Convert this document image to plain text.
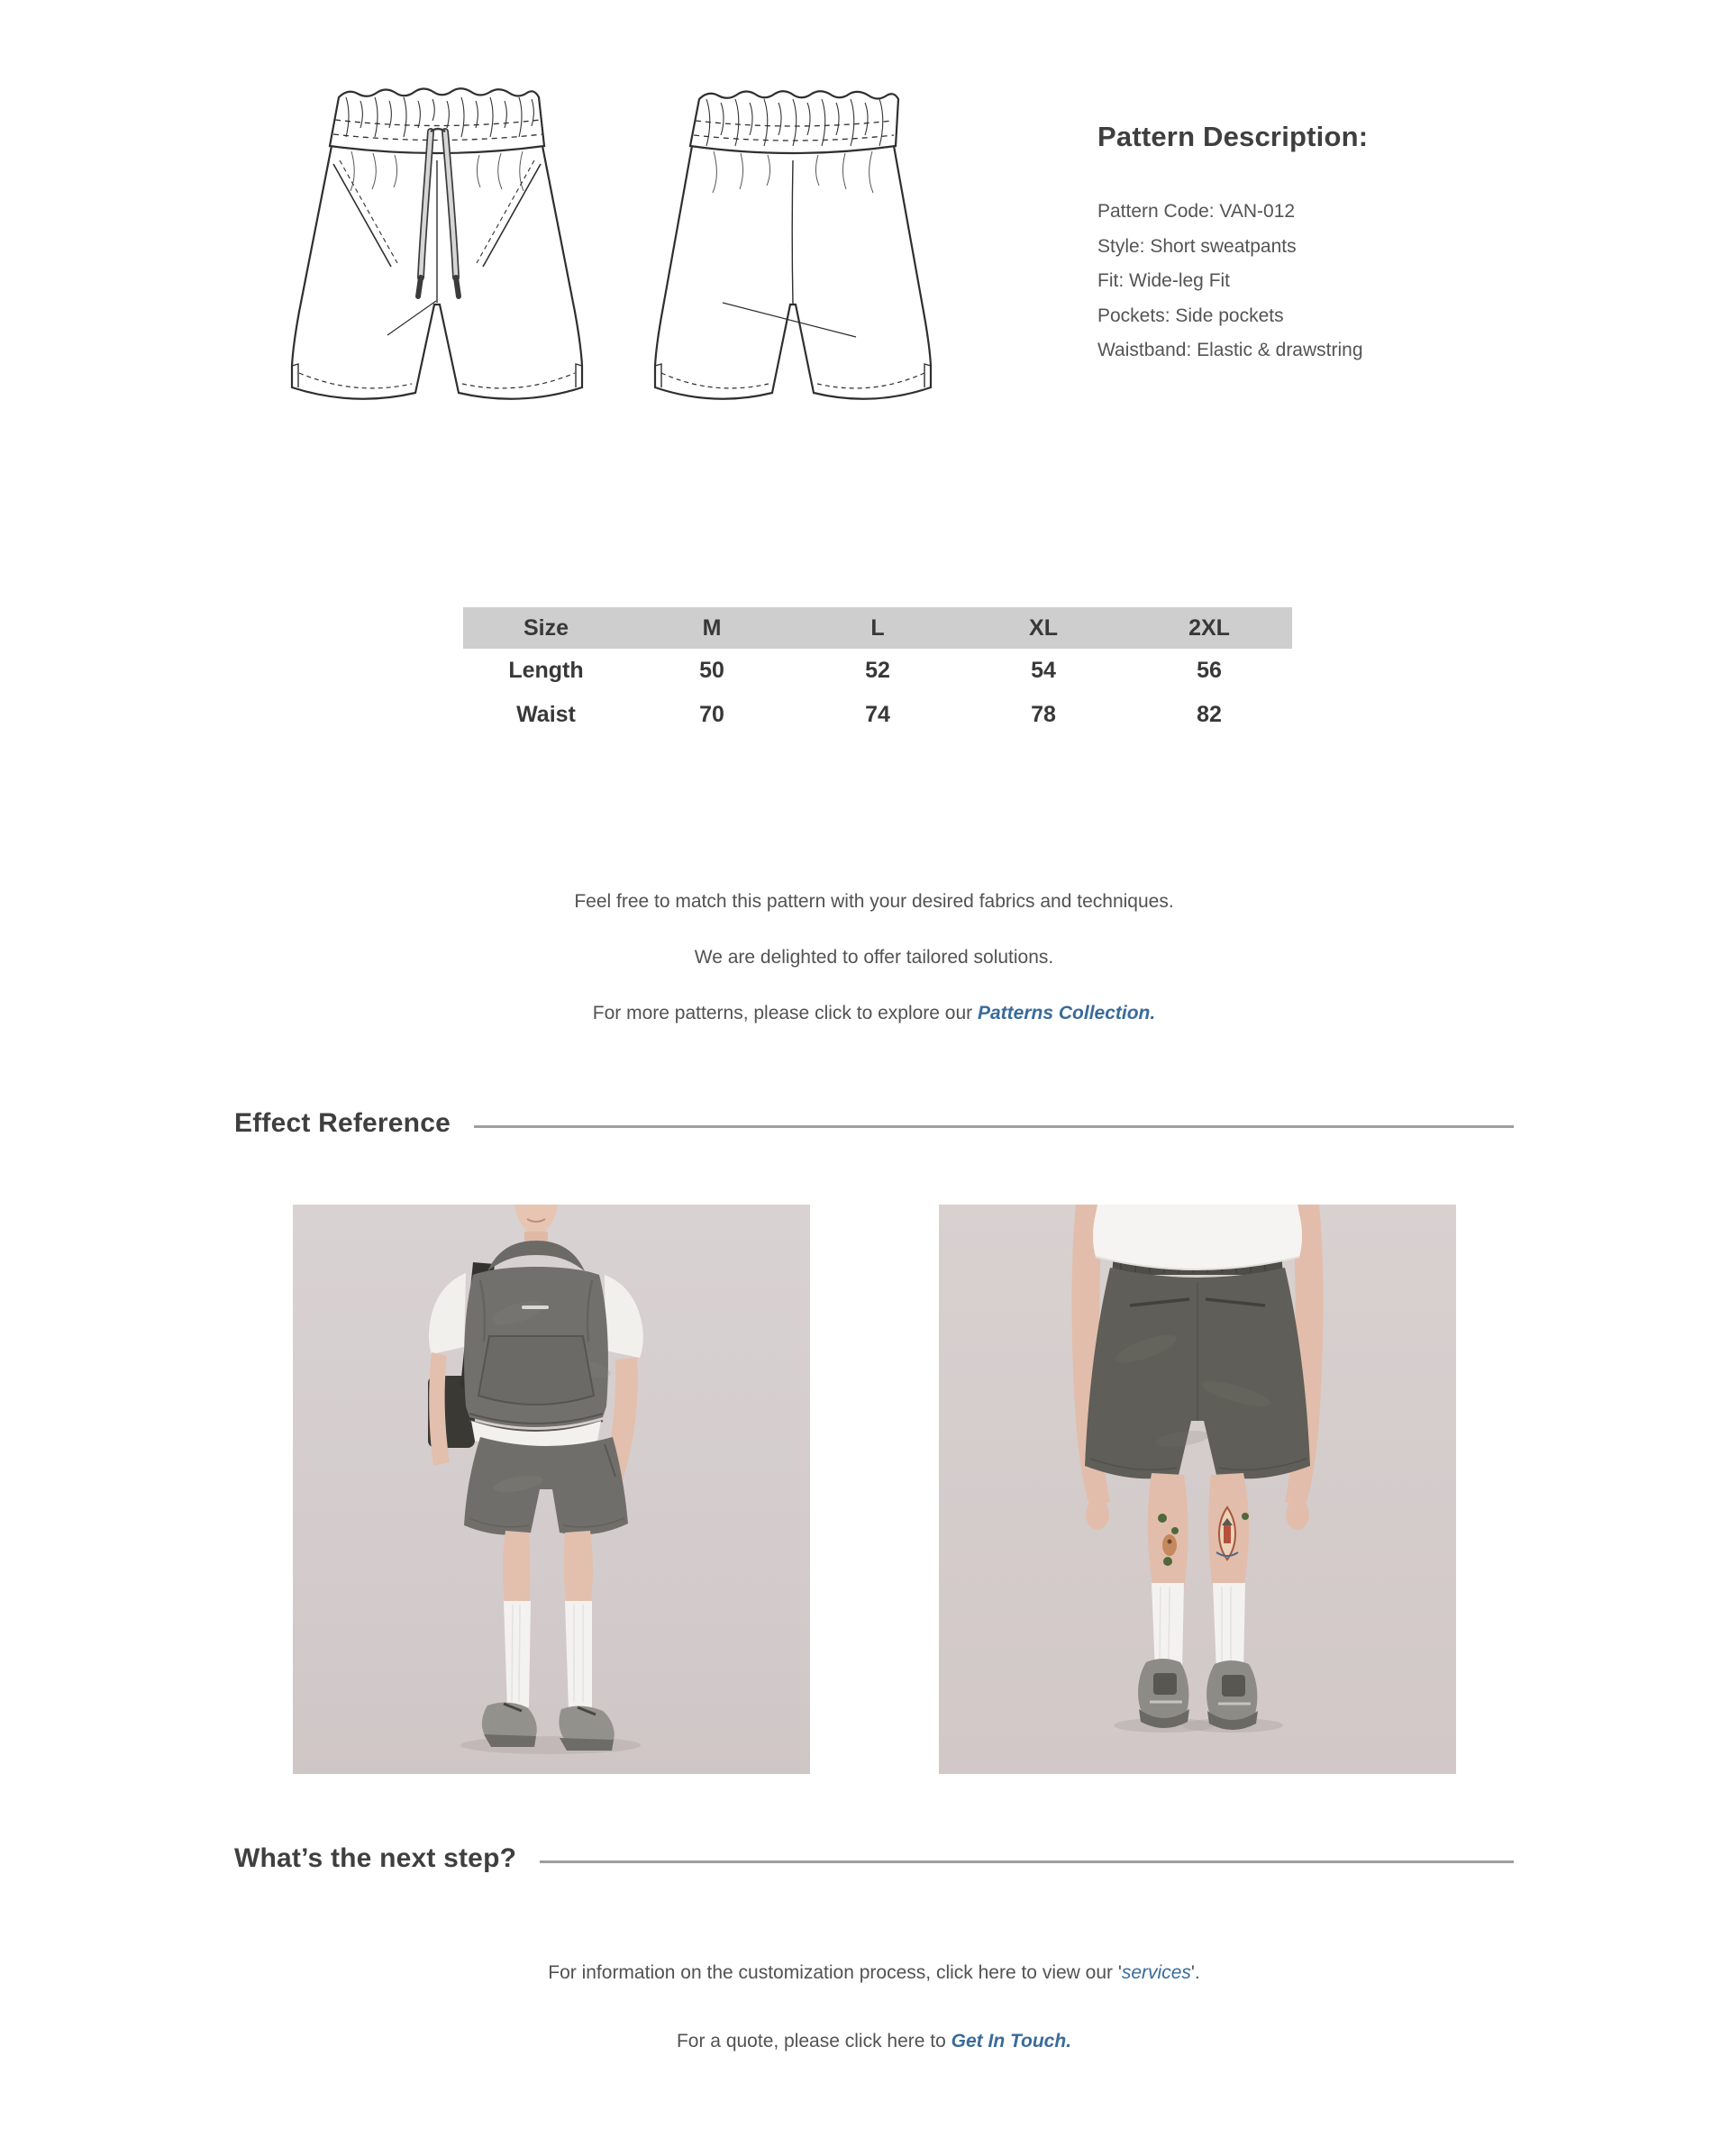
Pattern Description:

Pattern Code: VAN-012

Style: Short sweatpants

Fit: Wide-leg Fit

Pockets: Side pockets

Waistband: Elastic & drawstring

Size	M	L	XL	2XL
Length	50	52	54	56
Waist	70	74	78	82

Feel free to match this pattern with your desired fabrics and techniques.

We are delighted to offer tailored solutions.

For more patterns, please click to explore our Patterns Collection.

Effect Reference
What’s the next step?

For information on the customization process, click here to view our 'services'.

For a quote, please click here to Get In Touch.
